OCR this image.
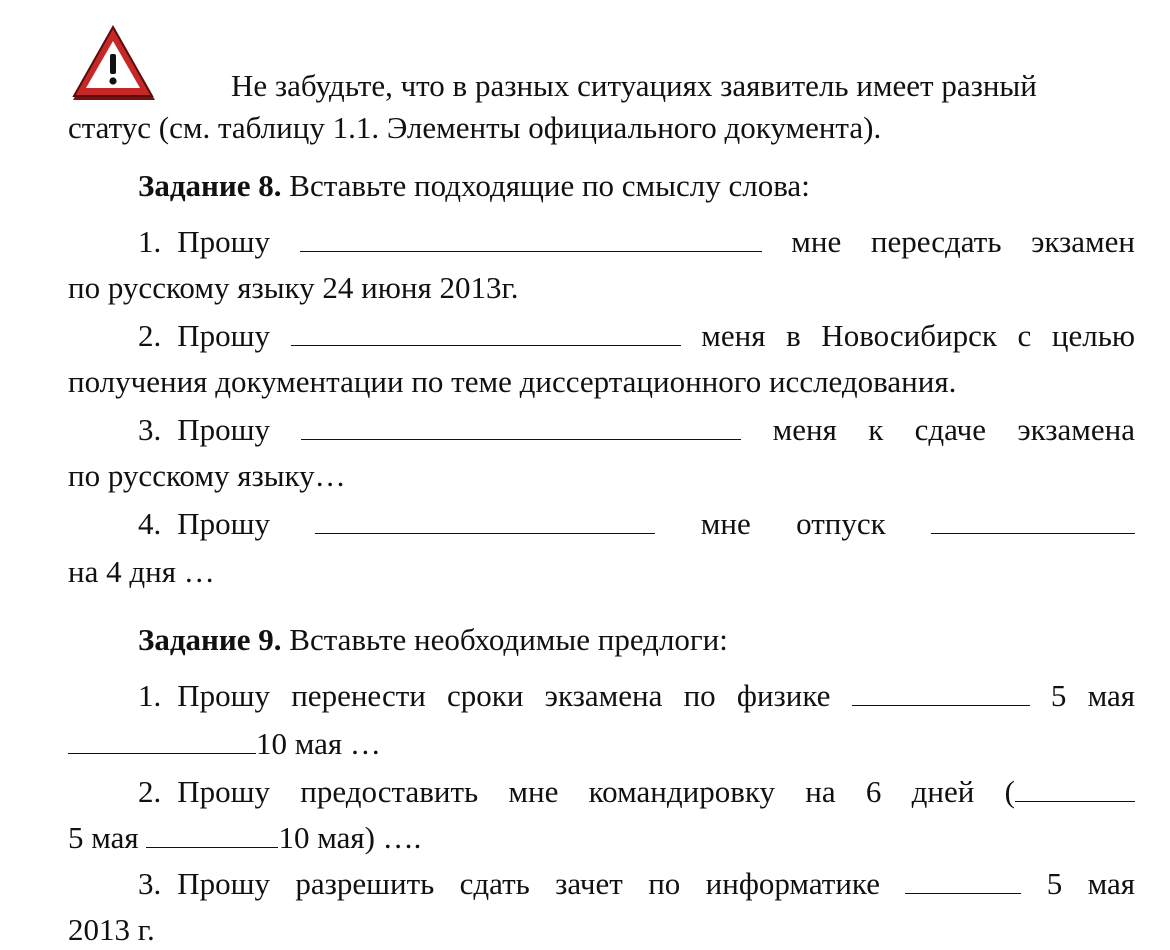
Не забудьте, что в разных ситуациях заявитель имеет разный
статус (см. таблицу 1.1. Элементы официального документа).
Задание 8. Вставьте подходящие по смыслу слова:
1. Прошу	мне пересдать экзамен
по русскому языку 24 июня 2013г.
2. Прошу	меня в Новосибирск с целью
получения документации по теме диссертационного исследования.
3. Прошу	меня к сдаче экзамена
по русскому языку…
4. Прошу	мне отпуск
на 4 дня …
Задание 9. Вставьте необходимые предлоги:
1. Прошу перенести сроки экзамена по физике	5 мая
10 мая …
2. Прошу предоставить мне командировку на 6 дней (
5 мая	10 мая) ….
3. Прошу разрешить сдать зачет по информатике	5 мая
2013 г.
